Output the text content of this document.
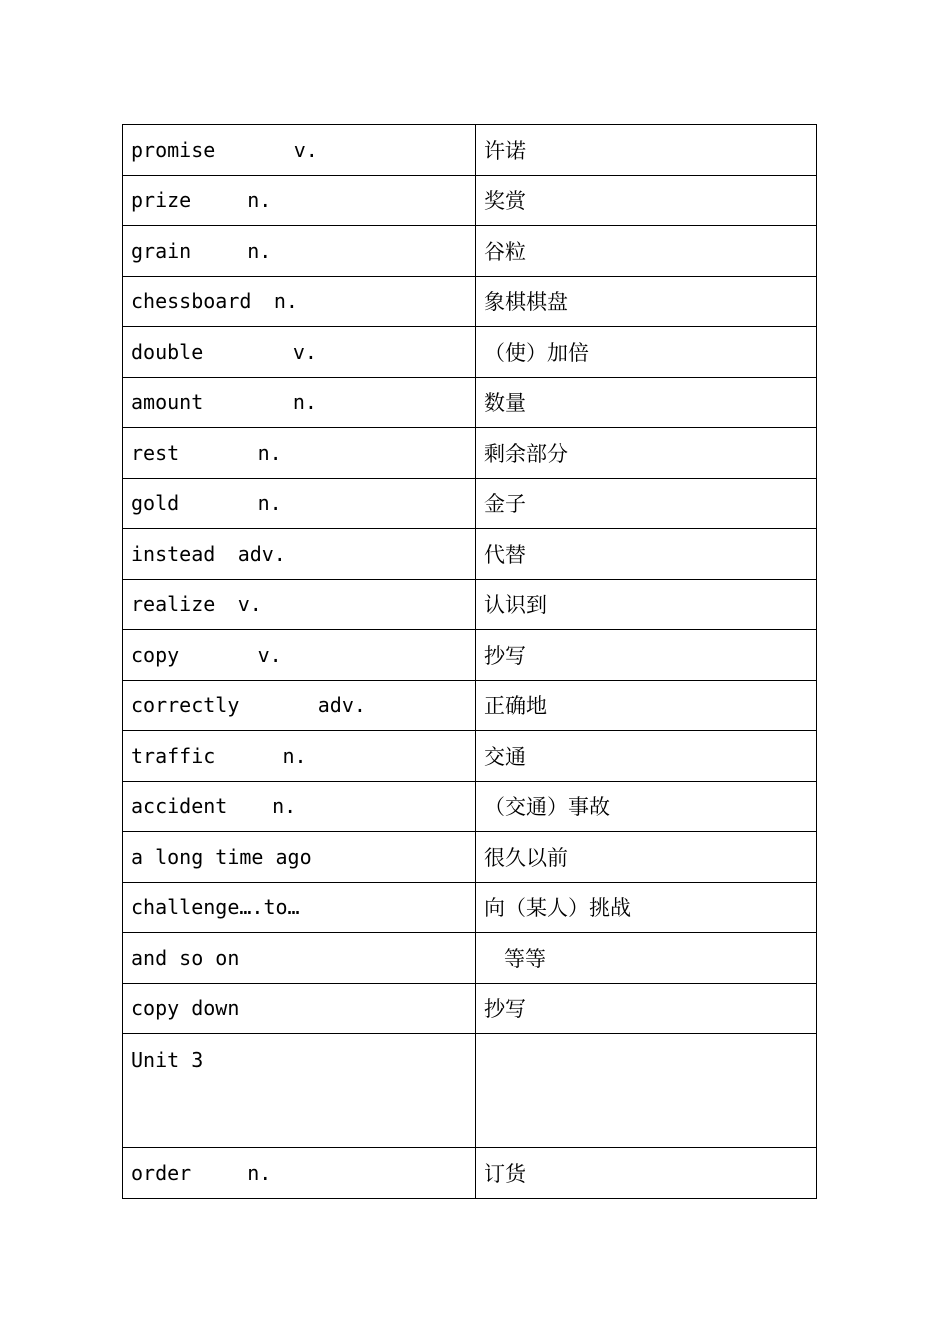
promise v.	许诺
prize n.	奖赏
grain n.	谷粒
chessboard n.	象棋棋盘
double v.	（使）加倍
amount n.	数量
rest n.	剩余部分
gold n.	金子
instead adv.	代替
realize v.	认识到
copy v.	抄写
correctly adv.	正确地
traffic n.	交通
accident n.	（交通）事故
a long time ago	很久以前
challenge….to…	向（某人）挑战
and so on	等等
copy down	抄写
Unit 3	
order n.	订货
